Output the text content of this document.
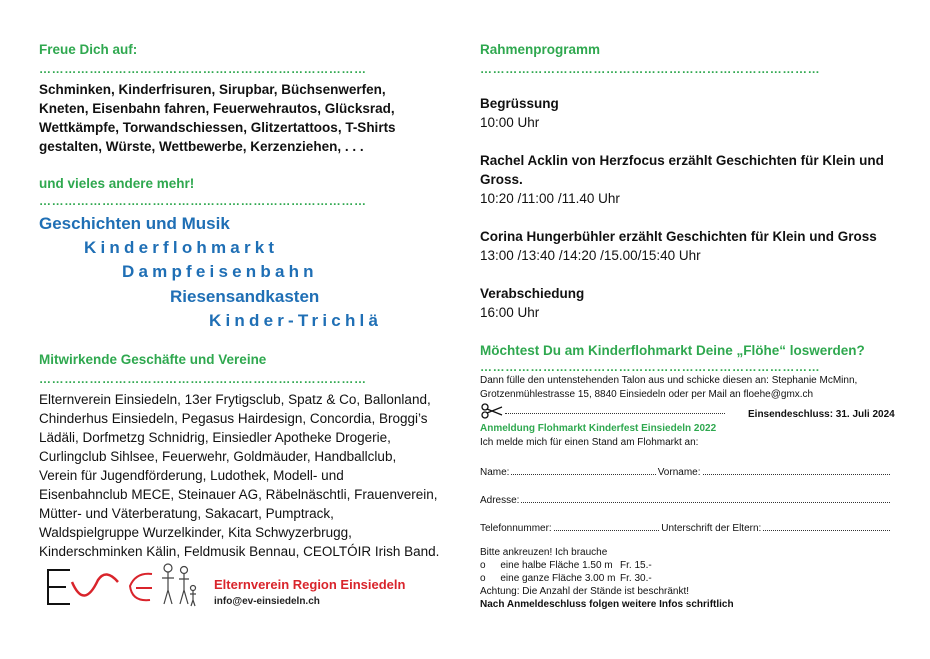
Freue Dich auf:
……………………………………………………………………
Schminken, Kinderfrisuren, Sirupbar, Büchsenwerfen,
Kneten, Eisenbahn fahren, Feuerwehrautos, Glücksrad,
Wettkämpfe, Torwandschiessen, Glitzertattoos, T-Shirts
gestalten, Würste, Wettbewerbe, Kerzenziehen, . . .
und vieles andere mehr!
……………………………………………………………………
Geschichten und Musik
Kinderflohmarkt
Dampfeisenbahn
Riesensandkasten
Kinder-Trichlä
Mitwirkende Geschäfte und Vereine
……………………………………………………………………
Elternverein Einsiedeln, 13er Frytigsclub, Spatz & Co, Ballonland,
Chinderhus Einsiedeln, Pegasus Hairdesign, Concordia, Broggi’s
Lädäli, Dorfmetzg Schnidrig, Einsiedler Apotheke Drogerie,
Curlingclub Sihlsee, Feuerwehr, Goldmäuder, Handballclub,
Verein für Jugendförderung, Ludothek, Modell- und
Eisenbahnclub MECE, Steinauer AG, Räbelnäschtli, Frauenverein,
Mütter- und Väterberatung, Sakacart, Pumptrack,
Waldspielgruppe Wurzelkinder, Kita Schwyzerbrugg,
Kinderschminken Kälin, Feldmusik Bennau, CEOLTÓIR Irish Band.
Elternverein Region Einsiedeln
info@ev-einsiedeln.ch
Rahmenprogramm
………………………………………………………………………
Begrüssung
10:00 Uhr
Rachel Acklin von Herzfocus erzählt Geschichten für Klein und Gross.
10:20 /11:00 /11.40 Uhr
Corina Hungerbühler erzählt Geschichten für Klein und Gross
13:00 /13:40 /14:20 /15.00/15:40 Uhr
Verabschiedung
16:00 Uhr
Möchtest Du am Kinderflohmarkt Deine „Flöhe“ loswerden?
………………………………………………………………………
Dann fülle den untenstehenden Talon aus und schicke diesen an: Stephanie McMinn,
Grotzenmühlestrasse 15, 8840 Einsiedeln oder per Mail an floehe@gmx.ch
Einsendeschluss: 31. Juli 2024
Anmeldung Flohmarkt Kinderfest Einsiedeln 2022
Ich melde mich für einen Stand am Flohmarkt an:
Name:	Vorname:
Adresse:
Telefonnummer:	Unterschrift der Eltern:
Bitte ankreuzen! Ich brauche
o eine halbe Fläche 1.50 m Fr. 15.-
o eine ganze Fläche 3.00 m Fr. 30.-
Achtung: Die Anzahl der Stände ist beschränkt!
Nach Anmeldeschluss folgen weitere Infos schriftlich
